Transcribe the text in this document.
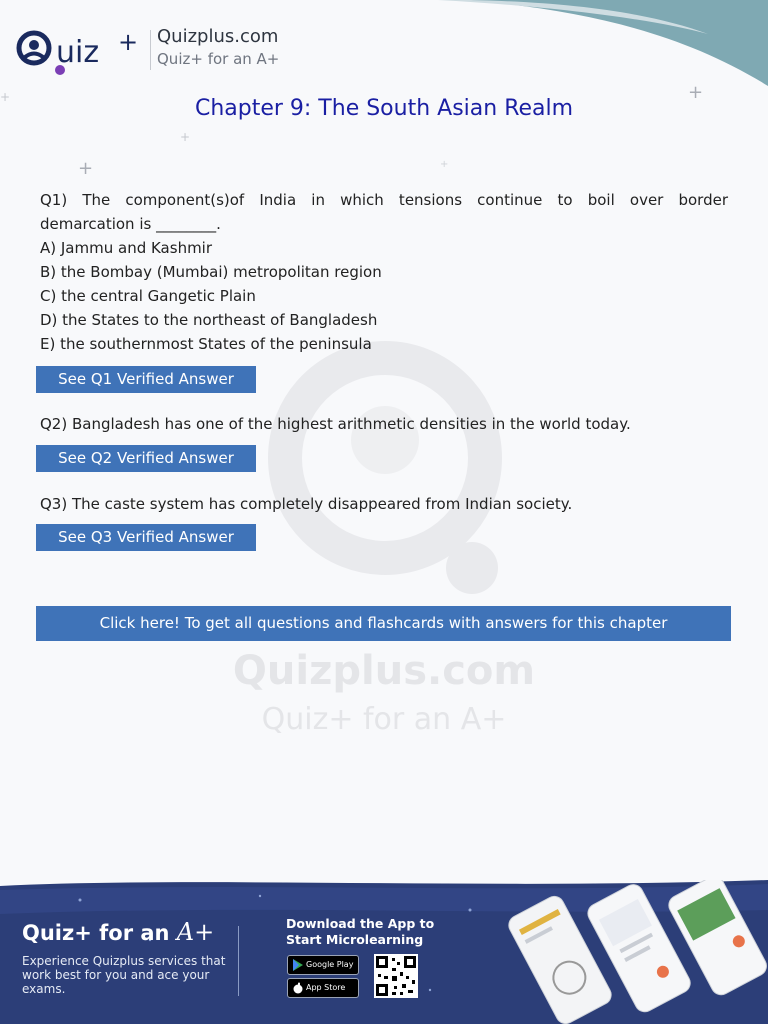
Quizplus.com
Quiz+ for an A+
+
+
+
+
+
uiz + Quizplus.com
Quiz+ for an A+
Chapter 9: The South Asian Realm
Q1) The component(s)of India in which tensions continue to boil over border
demarcation is ________.
A) Jammu and Kashmir
B) the Bombay (Mumbai) metropolitan region
C) the central Gangetic Plain
D) the States to the northeast of Bangladesh
E) the southernmost States of the peninsula
See Q1 Verified Answer
Q2) Bangladesh has one of the highest arithmetic densities in the world today.
See Q2 Verified Answer
Q3) The caste system has completely disappeared from Indian society.
See Q3 Verified Answer
Click here! To get all questions and flashcards with answers for this chapter
Quiz+ for an A+
Experience Quizplus services that work best for you and ace your exams.
Download the App to
Start Microlearning
Google Play
App Store
